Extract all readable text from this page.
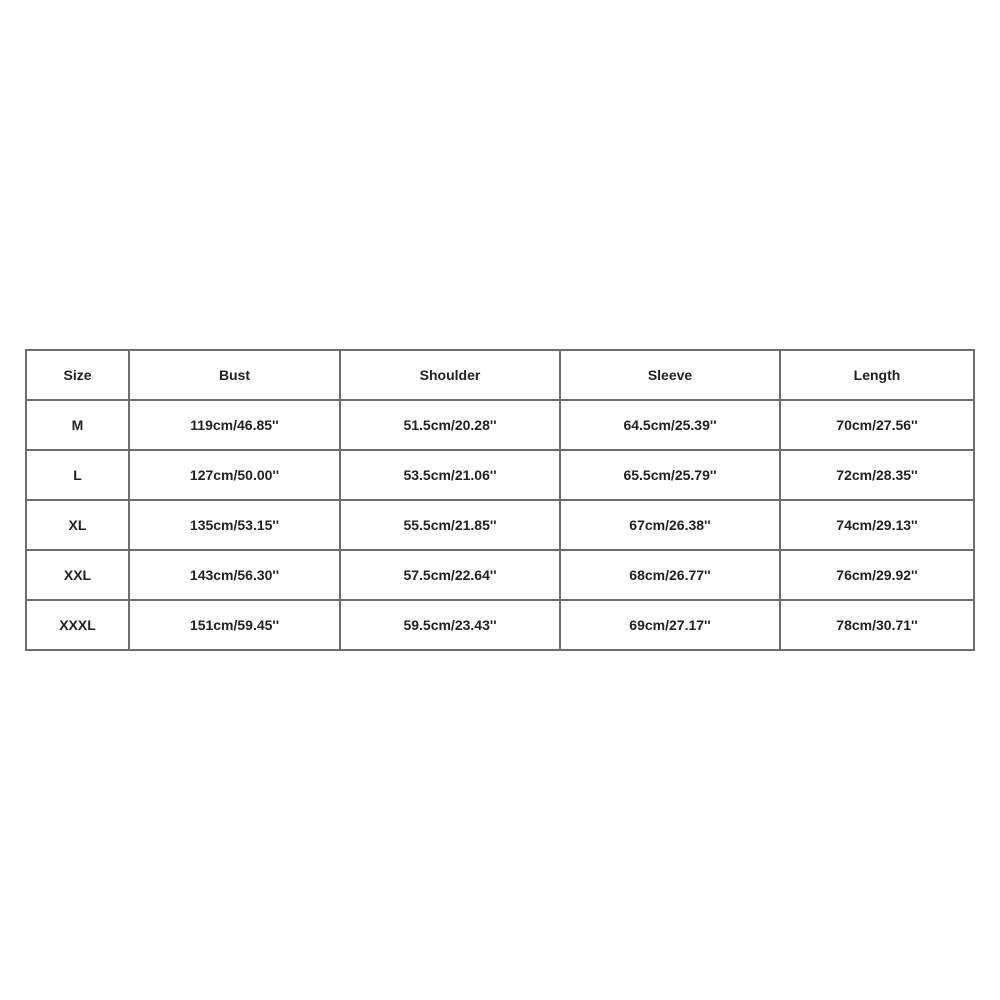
Size	Bust	Shoulder	Sleeve	Length
M	119cm/46.85''	51.5cm/20.28''	64.5cm/25.39''	70cm/27.56''
L	127cm/50.00''	53.5cm/21.06''	65.5cm/25.79''	72cm/28.35''
XL	135cm/53.15''	55.5cm/21.85''	67cm/26.38''	74cm/29.13''
XXL	143cm/56.30''	57.5cm/22.64''	68cm/26.77''	76cm/29.92''
XXXL	151cm/59.45''	59.5cm/23.43''	69cm/27.17''	78cm/30.71''
